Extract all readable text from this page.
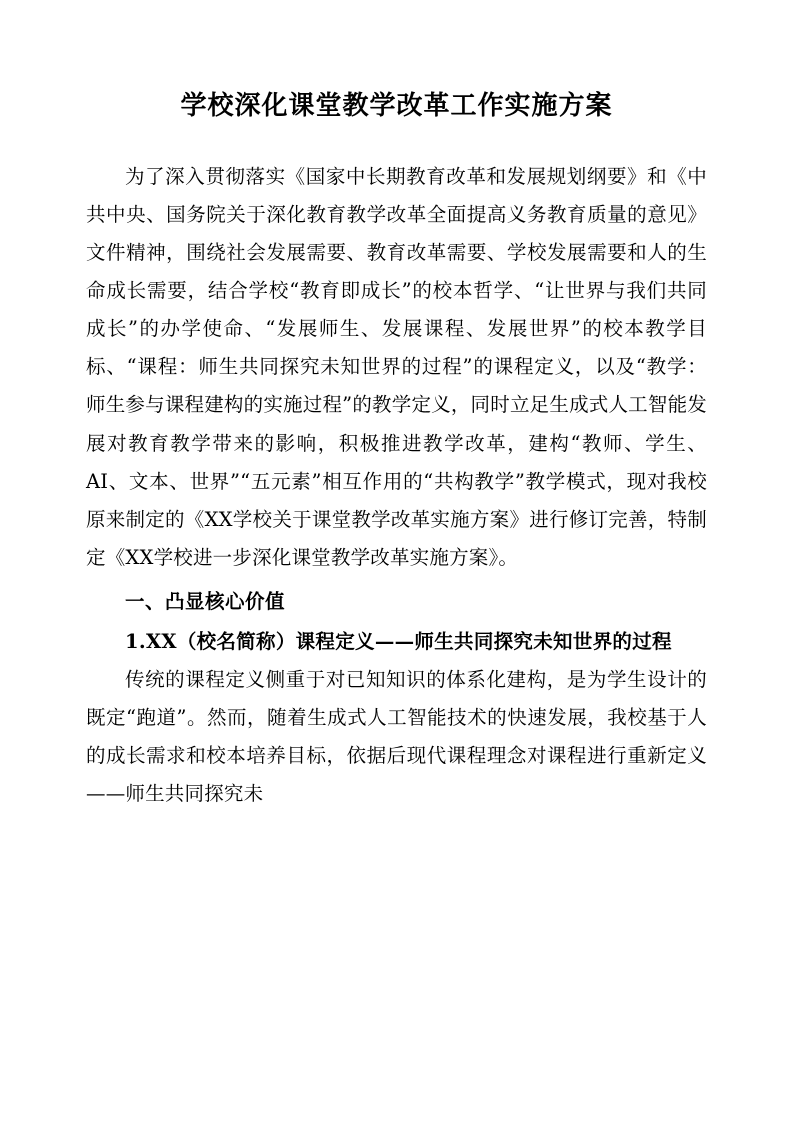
学校深化课堂教学改革工作实施方案

为了深入贯彻落实《国家中长期教育改革和发展规划纲要》和《中共中央、国务院关于深化教育教学改革全面提高义务教育质量的意见》文件精神，围绕社会发展需要、教育改革需要、学校发展需要和人的生命成长需要，结合学校“教育即成长”的校本哲学、“让世界与我们共同成长”的办学使命、“发展师生、发展课程、发展世界”的校本教学目标、“课程：师生共同探究未知世界的过程”的课程定义，以及“教学：师生参与课程建构的实施过程”的教学定义，同时立足生成式人工智能发展对教育教学带来的影响，积极推进教学改革，建构“教师、学生、AI、文本、世界”“五元素”相互作用的“共构教学”教学模式，现对我校原来制定的《XX学校关于课堂教学改革实施方案》进行修订完善，特制定《XX学校进一步深化课堂教学改革实施方案》。

一、凸显核心价值

1.XX（校名简称）课程定义——师生共同探究未知世界的过程

传统的课程定义侧重于对已知知识的体系化建构，是为学生设计的既定“跑道”。然而，随着生成式人工智能技术的快速发展，我校基于人的成长需求和校本培养目标，依据后现代课程理念对课程进行重新定义——师生共同探究未
